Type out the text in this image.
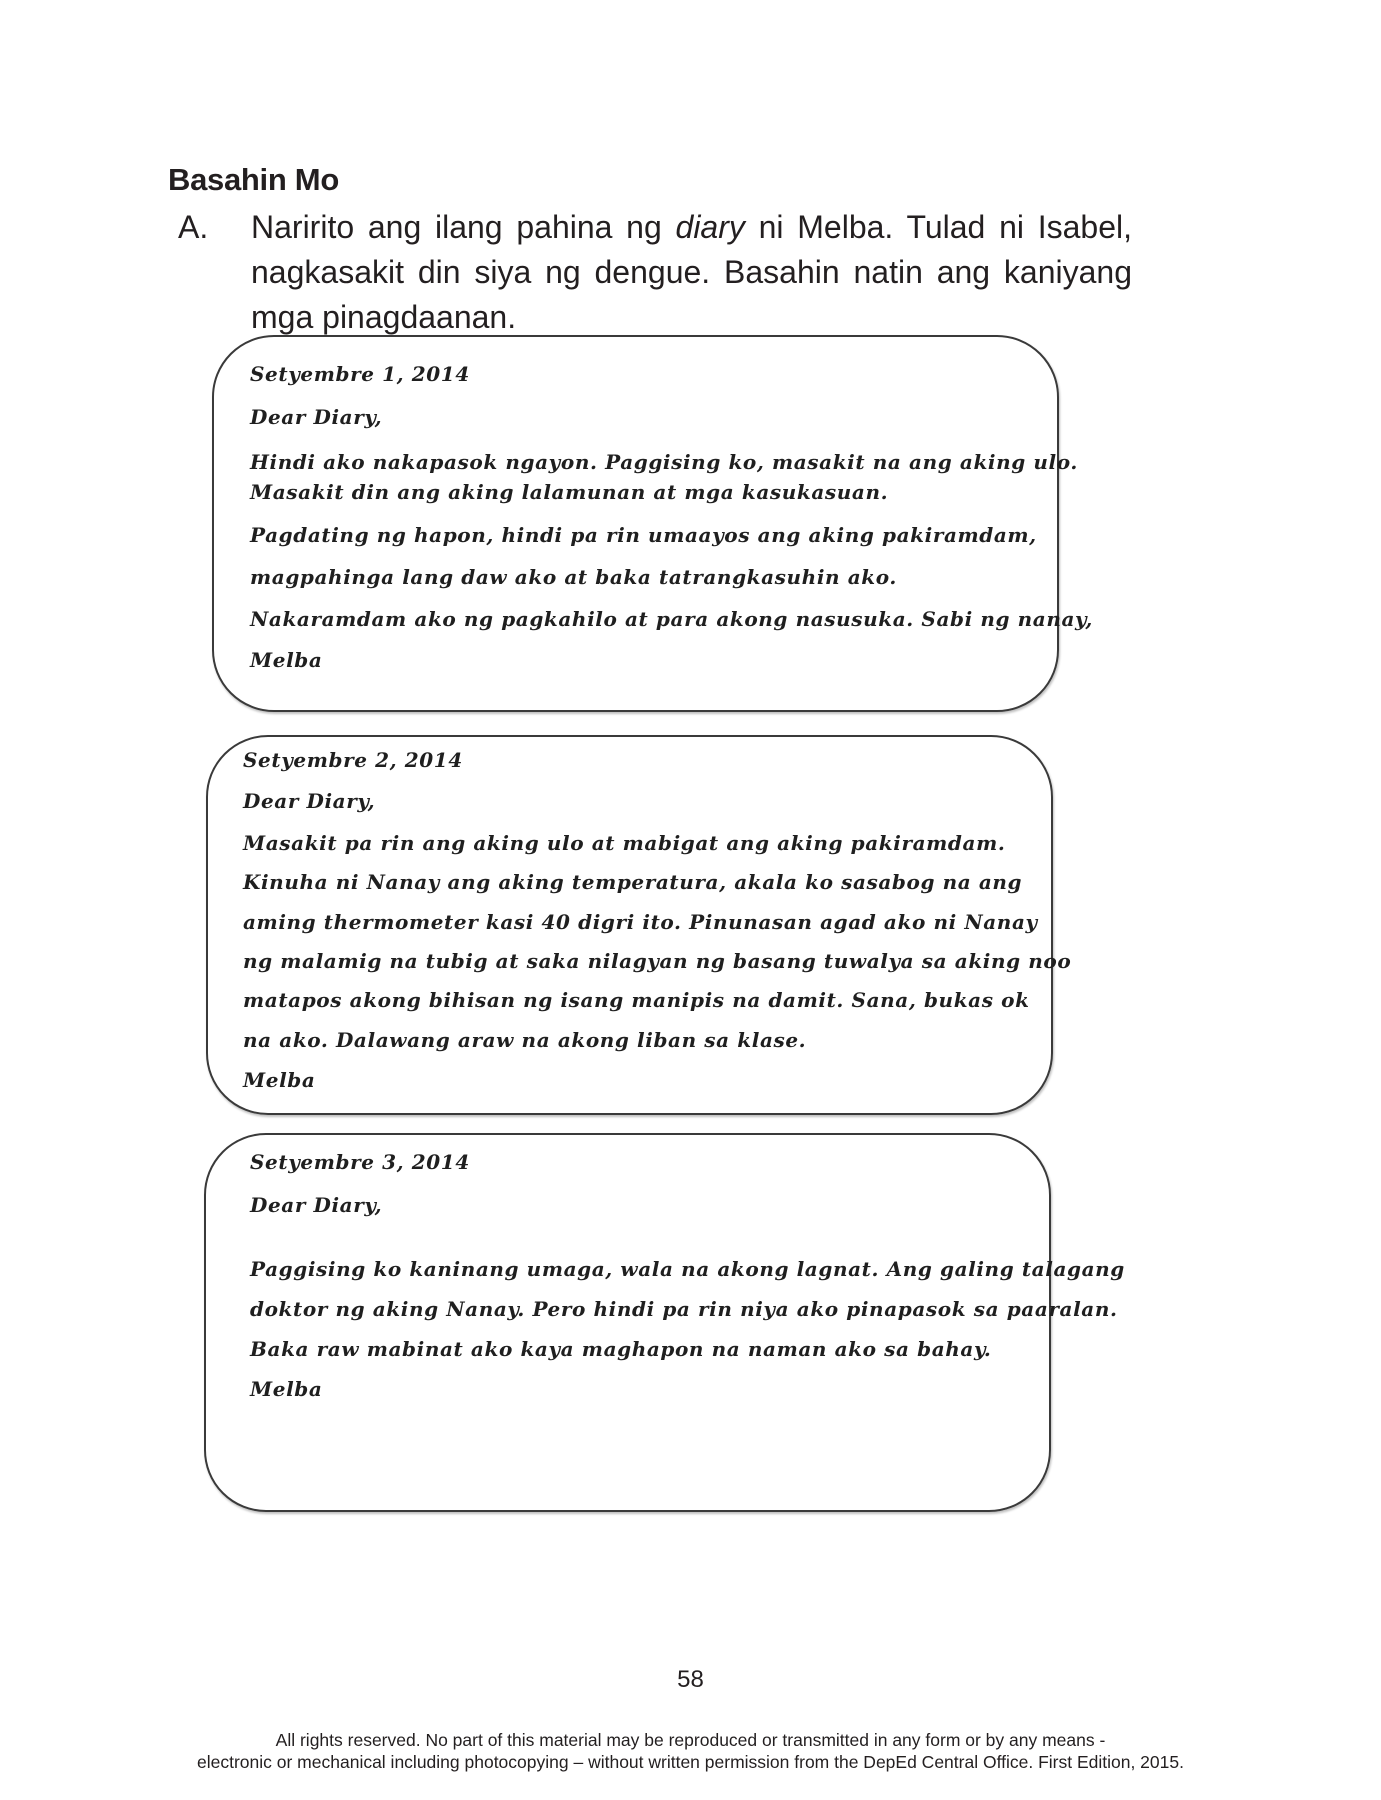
Basahin Mo
A. Naririto ang ilang pahina ng diary ni Melba. Tulad ni Isabel,
nagkasakit din siya ng dengue. Basahin natin ang kaniyang
mga pinagdaanan.
Setyembre 1, 2014
Dear Diary,
Hindi ako nakapasok ngayon. Paggising ko, masakit na ang aking ulo.
Masakit din ang aking lalamunan at mga kasukasuan.
Pagdating ng hapon, hindi pa rin umaayos ang aking pakiramdam,
magpahinga lang daw ako at baka tatrangkasuhin ako.
Nakaramdam ako ng pagkahilo at para akong nasusuka. Sabi ng nanay,
Melba
Setyembre 2, 2014
Dear Diary,
Masakit pa rin ang aking ulo at mabigat ang aking pakiramdam.
Kinuha ni Nanay ang aking temperatura, akala ko sasabog na ang
aming thermometer kasi 40 digri ito. Pinunasan agad ako ni Nanay
ng malamig na tubig at saka nilagyan ng basang tuwalya sa aking noo
matapos akong bihisan ng isang manipis na damit. Sana, bukas ok
na ako. Dalawang araw na akong liban sa klase.
Melba
Setyembre 3, 2014
Dear Diary,
Paggising ko kaninang umaga, wala na akong lagnat. Ang galing talagang
doktor ng aking Nanay. Pero hindi pa rin niya ako pinapasok sa paaralan.
Baka raw mabinat ako kaya maghapon na naman ako sa bahay.
Melba
58
All rights reserved. No part of this material may be reproduced or transmitted in any form or by any means -
electronic or mechanical including photocopying – without written permission from the DepEd Central Office. First Edition, 2015.
